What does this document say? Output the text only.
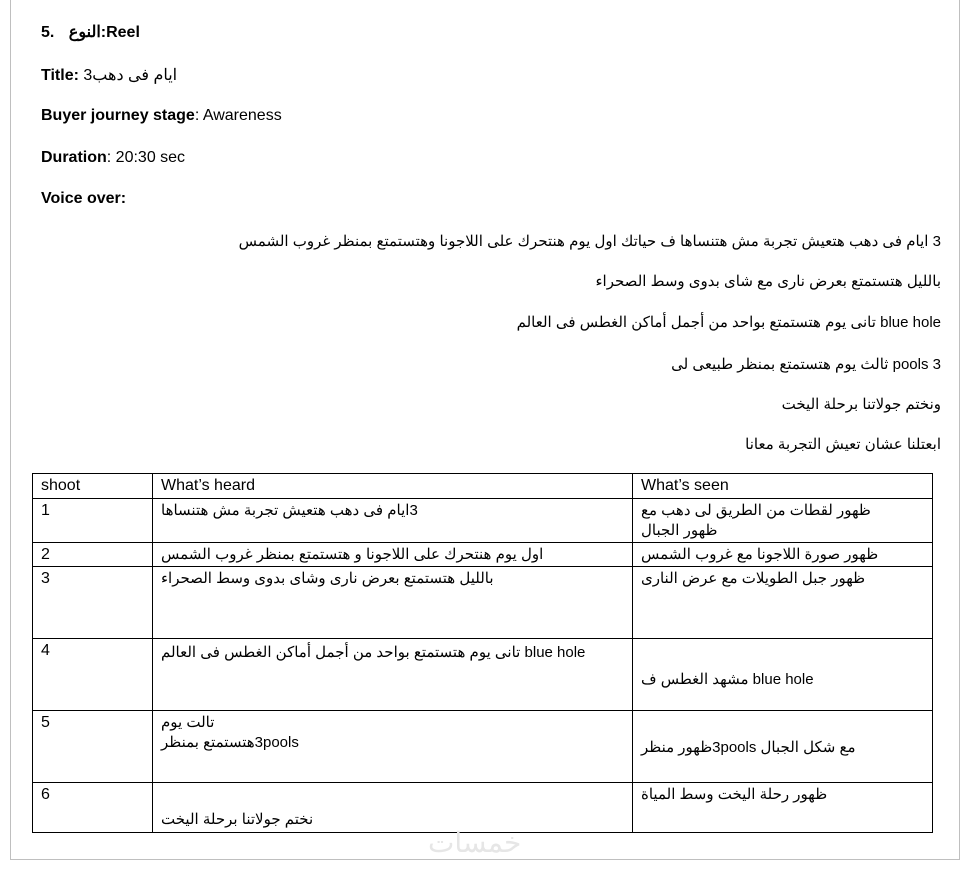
5. النوع:Reel
Title: 3ايام فى دهب
Buyer journey stage: Awareness
Duration: 20:30 sec
Voice over:
3 ايام فى دهب هتعيش تجربة مش هتنساها ف حياتك اول يوم هنتحرك على اللاجونا وهتستمتع بمنظر غروب الشمس
بالليل هتستمتع بعرض نارى مع شاى بدوى وسط الصحراء
blue hole تانى يوم هتستمتع بواحد من أجمل أماكن الغطس فى العالم
3 pools ثالث يوم هتستمتع بمنظر طبيعى لى
ونختم جولاتنا برحلة اليخت
ابعتلنا عشان تعيش التجربة معانا
shoot	What’s heard	What’s seen
1	3ايام فى دهب هتعيش تجربة مش هتنساها	ظهور لقطات من الطريق لى دهب مع
ظهور الجبال

2	اول يوم هنتحرك على اللاجونا و هتستمتع بمنظر غروب الشمس	ظهور صورة اللاجونا مع غروب الشمس

3	بالليل هتستمتع بعرض نارى وشاى بدوى وسط الصحراء	ظهور جبل الطويلات مع عرض النارى

4	blue hole تانى يوم هتستمتع بواحد من أجمل أماكن الغطس فى العالم	blue hole مشهد الغطس ف

5	تالت يوم
3poolsهتستمتع بمنظر	مع شكل الجبال 3poolsظهور منظر

6	نختم جولاتنا برحلة اليخت	ظهور رحلة اليخت وسط المياة
خمسات
